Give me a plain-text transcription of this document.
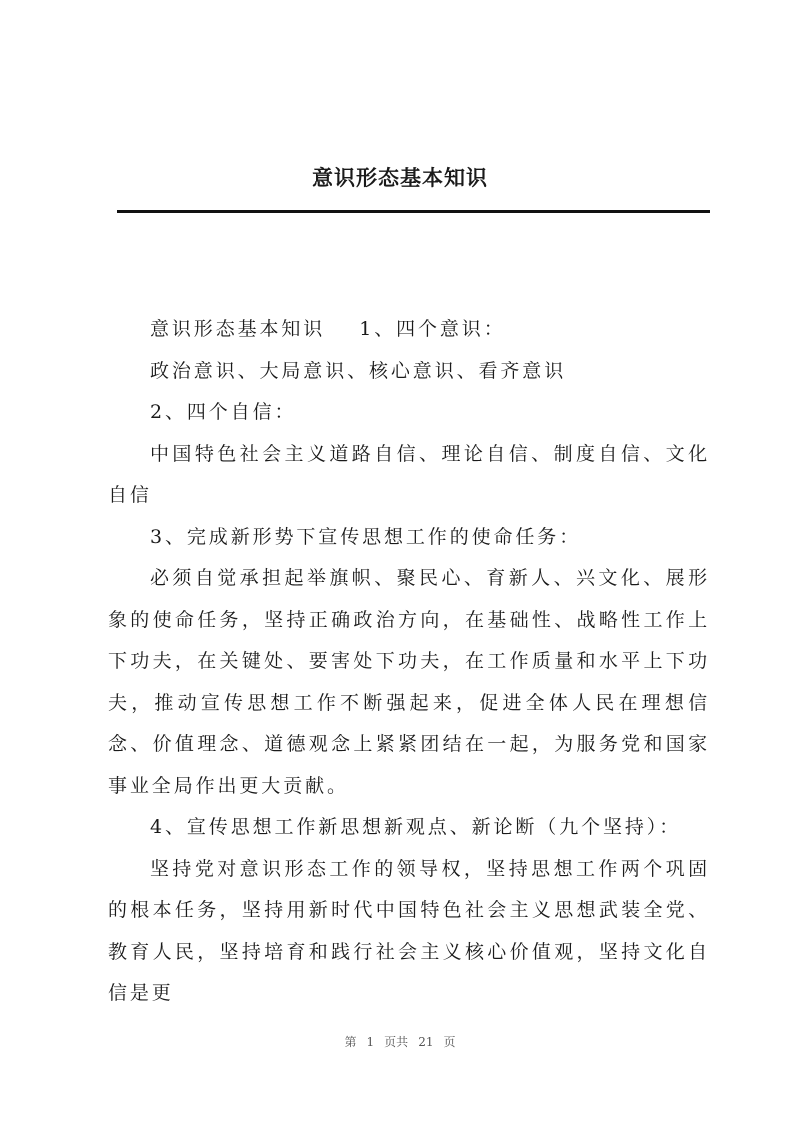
意识形态基本知识

意识形态基本知识 1、四个意识：

政治意识、大局意识、核心意识、看齐意识

2、四个自信：

中国特色社会主义道路自信、理论自信、制度自信、文化自信

3、完成新形势下宣传思想工作的使命任务：

必须自觉承担起举旗帜、聚民心、育新人、兴文化、展形象的使命任务，坚持正确政治方向，在基础性、战略性工作上下功夫，在关键处、要害处下功夫，在工作质量和水平上下功夫，推动宣传思想工作不断强起来，促进全体人民在理想信念、价值理念、道德观念上紧紧团结在一起，为服务党和国家事业全局作出更大贡献。

4、宣传思想工作新思想新观点、新论断（九个坚持）：

坚持党对意识形态工作的领导权，坚持思想工作两个巩固的根本任务，坚持用新时代中国特色社会主义思想武装全党、教育人民，坚持培育和践行社会主义核心价值观，坚持文化自信是更

第 1 页共 21 页
